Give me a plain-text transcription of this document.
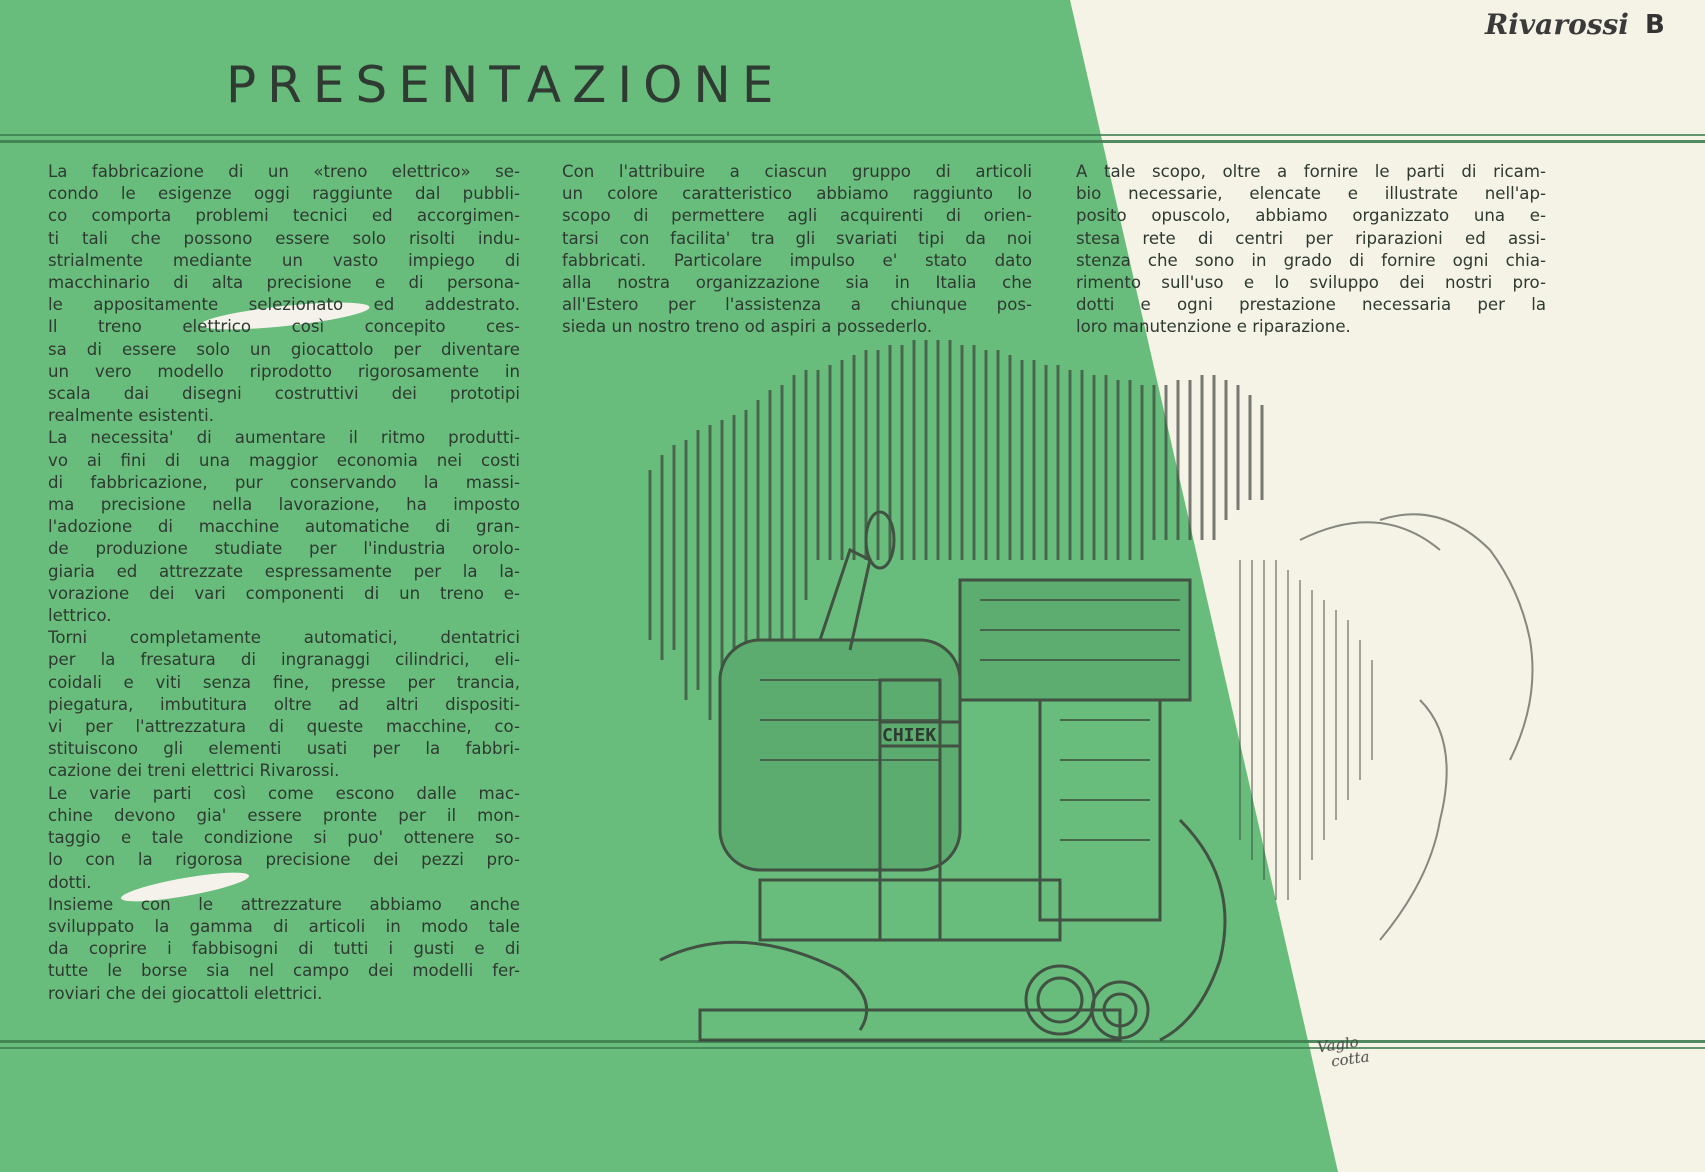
CHIEK
PRESENTAZIONE
Rivarossi B
La fabbricazione di un «treno elettrico» se-
condo le esigenze oggi raggiunte dal pubbli-
co comporta problemi tecnici ed accorgimen-
ti tali che possono essere solo risolti indu-
strialmente mediante un vasto impiego di
macchinario di alta precisione e di persona-
le appositamente selezionato ed addestrato.
Il treno elettrico così concepito ces-
sa di essere solo un giocattolo per diventare
un vero modello riprodotto rigorosamente in
scala dai disegni costruttivi dei prototipi
realmente esistenti.
La necessita' di aumentare il ritmo produtti-
vo ai fini di una maggior economia nei costi
di fabbricazione, pur conservando la massi-
ma precisione nella lavorazione, ha imposto
l'adozione di macchine automatiche di gran-
de produzione studiate per l'industria orolo-
giaria ed attrezzate espressamente per la la-
vorazione dei vari componenti di un treno e-
lettrico.
Torni completamente automatici, dentatrici
per la fresatura di ingranaggi cilindrici, eli-
coidali e viti senza fine, presse per trancia,
piegatura, imbutitura oltre ad altri dispositi-
vi per l'attrezzatura di queste macchine, co-
stituiscono gli elementi usati per la fabbri-
cazione dei treni elettrici Rivarossi.
Le varie parti così come escono dalle mac-
chine devono gia' essere pronte per il mon-
taggio e tale condizione si puo' ottenere so-
lo con la rigorosa precisione dei pezzi pro-
dotti.
Insieme con le attrezzature abbiamo anche
sviluppato la gamma di articoli in modo tale
da coprire i fabbisogni di tutti i gusti e di
tutte le borse sia nel campo dei modelli fer-
roviari che dei giocattoli elettrici.
Con l'attribuire a ciascun gruppo di articoli
un colore caratteristico abbiamo raggiunto lo
scopo di permettere agli acquirenti di orien-
tarsi con facilita' tra gli svariati tipi da noi
fabbricati. Particolare impulso e' stato dato
alla nostra organizzazione sia in Italia che
all'Estero per l'assistenza a chiunque pos-
sieda un nostro treno od aspiri a possederlo.
A tale scopo, oltre a fornire le parti di ricam-
bio necessarie, elencate e illustrate nell'ap-
posito opuscolo, abbiamo organizzato una e-
stesa rete di centri per riparazioni ed assi-
stenza che sono in grado di fornire ogni chia-
rimento sull'uso e lo sviluppo dei nostri pro-
dotti e ogni prestazione necessaria per la
loro manutenzione e riparazione.
Vaglo
cotta
